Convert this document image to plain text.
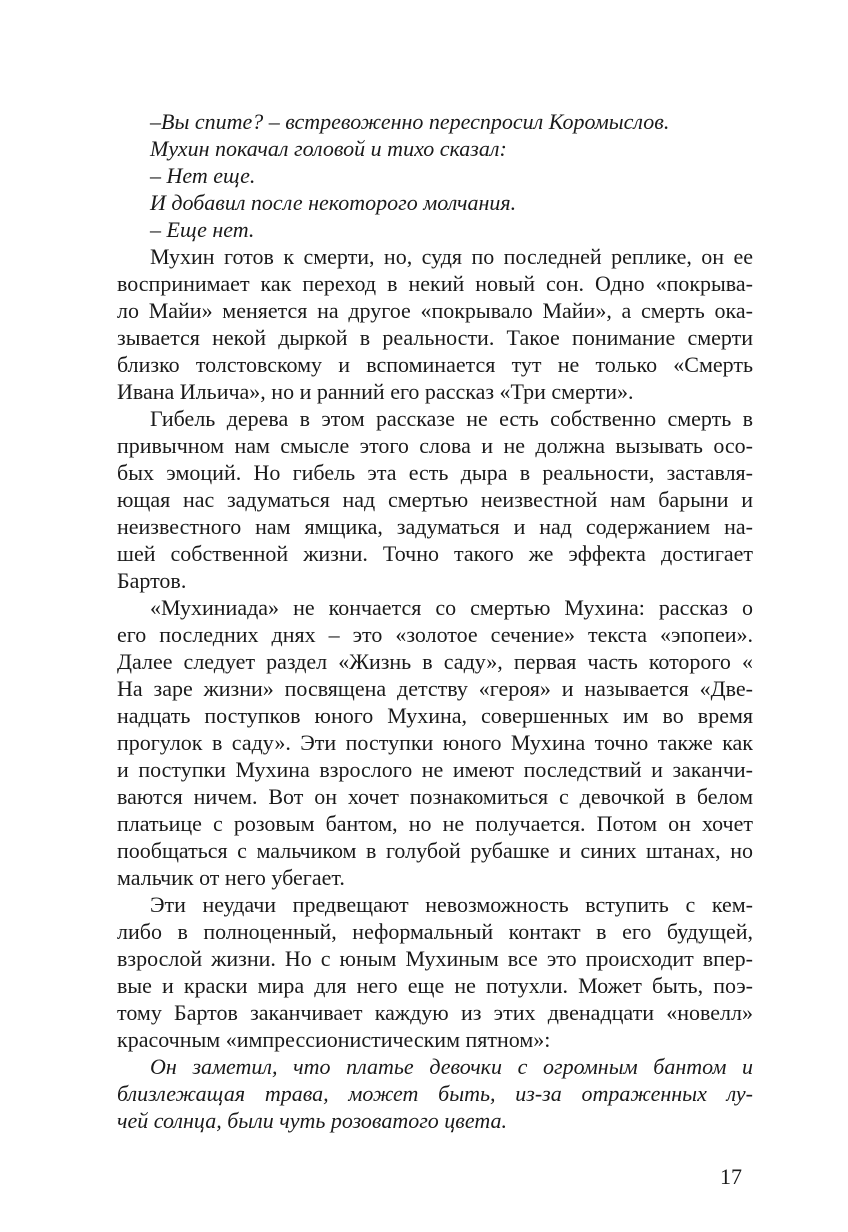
–Вы спите? – встревоженно переспросил Коромыслов.
Мухин покачал головой и тихо сказал:
– Нет еще.
И добавил после некоторого молчания.
– Еще нет.
Мухин готов к смерти, но, судя по последней реплике, он ее
воспринимает как переход в некий новый сон. Одно «покрыва-
ло Майи» меняется на другое «покрывало Майи», а смерть ока-
зывается некой дыркой в реальности. Такое понимание смерти
близко толстовскому и вспоминается тут не только «Смерть
Ивана Ильича», но и ранний его рассказ «Три смерти».
Гибель дерева в этом рассказе не есть собственно смерть в
привычном нам смысле этого слова и не должна вызывать осо-
бых эмоций. Но гибель эта есть дыра в реальности, заставля-
ющая нас задуматься над смертью неизвестной нам барыни и
неизвестного нам ямщика, задуматься и над содержанием на-
шей собственной жизни. Точно такого же эффекта достигает
Бартов.
«Мухиниада» не кончается со смертью Мухина: рассказ о
его последних днях – это «золотое сечение» текста «эпопеи».
Далее следует раздел «Жизнь в саду», первая часть которого «
На заре жизни» посвящена детству «героя» и называется «Две-
надцать поступков юного Мухина, совершенных им во время
прогулок в саду». Эти поступки юного Мухина точно также как
и поступки Мухина взрослого не имеют последствий и заканчи-
ваются ничем. Вот он хочет познакомиться с девочкой в белом
платьице с розовым бантом, но не получается. Потом он хочет
пообщаться с мальчиком в голубой рубашке и синих штанах, но
мальчик от него убегает.
Эти неудачи предвещают невозможность вступить с кем-
либо в полноценный, неформальный контакт в его будущей,
взрослой жизни. Но с юным Мухиным все это происходит впер-
вые и краски мира для него еще не потухли. Может быть, поэ-
тому Бартов заканчивает каждую из этих двенадцати «новелл»
красочным «импрессионистическим пятном»:
Он заметил, что платье девочки с огромным бантом и
близлежащая трава, может быть, из-за отраженных лу-
чей солнца, были чуть розоватого цвета.
17
